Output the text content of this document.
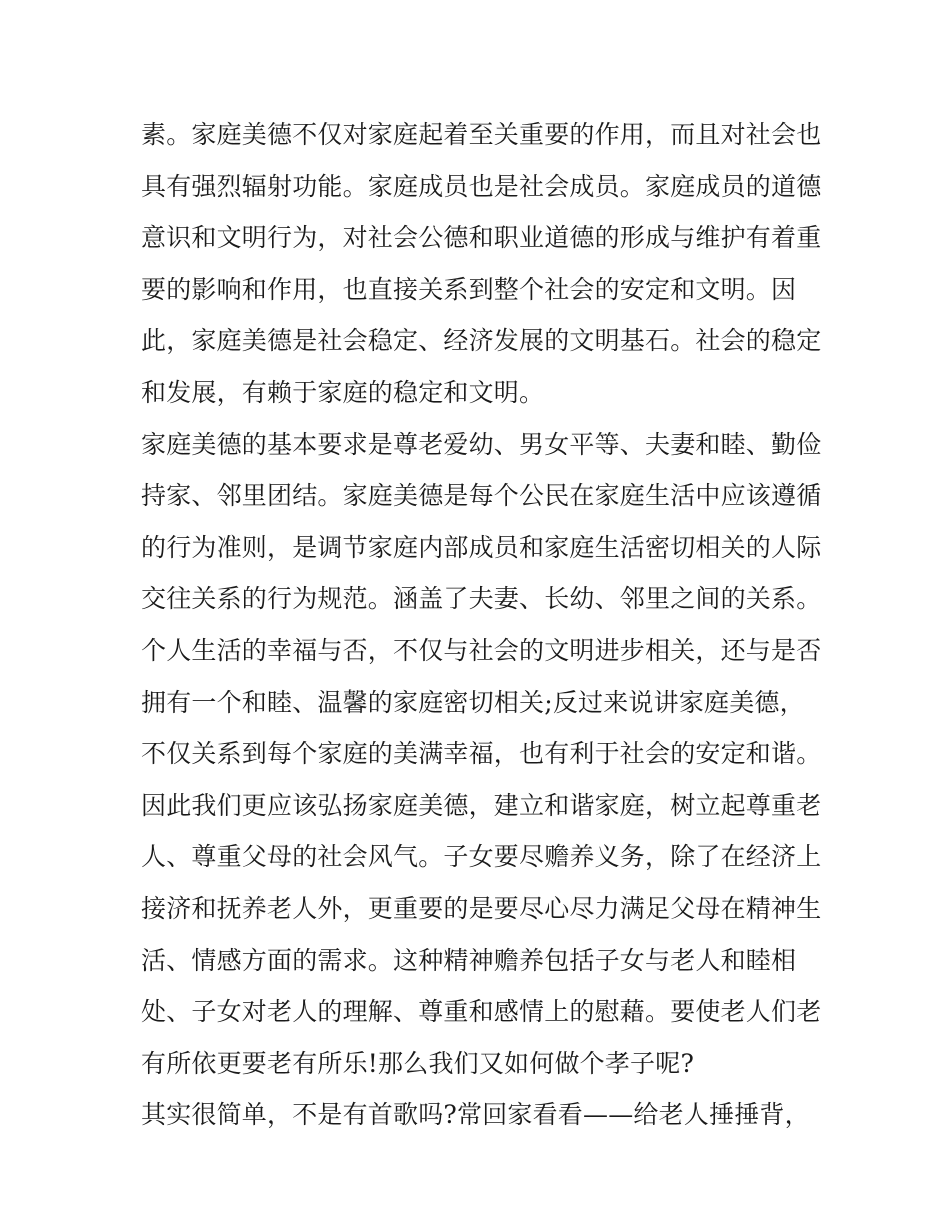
素。家庭美德不仅对家庭起着至关重要的作用，而且对社会也
具有强烈辐射功能。家庭成员也是社会成员。家庭成员的道德
意识和文明行为，对社会公德和职业道德的形成与维护有着重
要的影响和作用，也直接关系到整个社会的安定和文明。因
此，家庭美德是社会稳定、经济发展的文明基石。社会的稳定
和发展，有赖于家庭的稳定和文明。
家庭美德的基本要求是尊老爱幼、男女平等、夫妻和睦、勤俭
持家、邻里团结。家庭美德是每个公民在家庭生活中应该遵循
的行为准则，是调节家庭内部成员和家庭生活密切相关的人际
交往关系的行为规范。涵盖了夫妻、长幼、邻里之间的关系。
个人生活的幸福与否，不仅与社会的文明进步相关，还与是否
拥有一个和睦、温馨的家庭密切相关;反过来说讲家庭美德，
不仅关系到每个家庭的美满幸福，也有利于社会的安定和谐。
因此我们更应该弘扬家庭美德，建立和谐家庭，树立起尊重老
人、尊重父母的社会风气。子女要尽赡养义务，除了在经济上
接济和抚养老人外，更重要的是要尽心尽力满足父母在精神生
活、情感方面的需求。这种精神赡养包括子女与老人和睦相
处、子女对老人的理解、尊重和感情上的慰藉。要使老人们老
有所依更要老有所乐!那么我们又如何做个孝子呢?
其实很简单，不是有首歌吗?常回家看看——给老人捶捶背，
